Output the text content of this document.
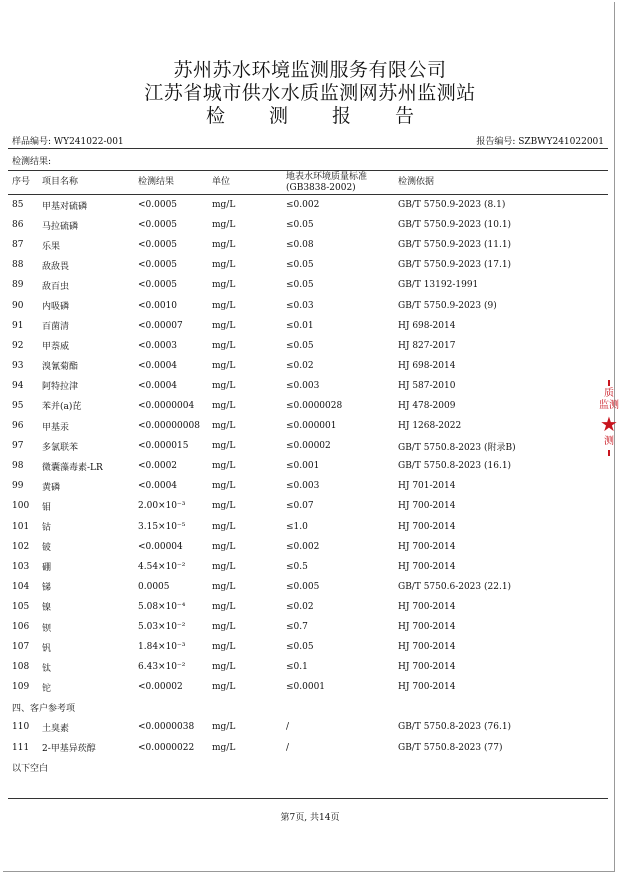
苏州苏水环境监测服务有限公司
江苏省城市供水水质监测网苏州监测站
检 测 报 告
样品编号: WY241022-001	报告编号: SZBWY241022001
检测结果:
序号	项目名称	检测结果	单位	地表水环境质量标准(GB3838-2002)	检测依据
85	甲基对硫磷	<0.0005	mg/L	≤0.002	GB/T 5750.9-2023 (8.1)
86	马拉硫磷	<0.0005	mg/L	≤0.05	GB/T 5750.9-2023 (10.1)
87	乐果	<0.0005	mg/L	≤0.08	GB/T 5750.9-2023 (11.1)
88	敌敌畏	<0.0005	mg/L	≤0.05	GB/T 5750.9-2023 (17.1)
89	敌百虫	<0.0005	mg/L	≤0.05	GB/T 13192-1991
90	内吸磷	<0.0010	mg/L	≤0.03	GB/T 5750.9-2023 (9)
91	百菌清	<0.00007	mg/L	≤0.01	HJ 698-2014
92	甲萘威	<0.0003	mg/L	≤0.05	HJ 827-2017
93	溴氰菊酯	<0.0004	mg/L	≤0.02	HJ 698-2014
94	阿特拉津	<0.0004	mg/L	≤0.003	HJ 587-2010
95	苯并(a)芘	<0.0000004	mg/L	≤0.0000028	HJ 478-2009
96	甲基汞	<0.00000008	mg/L	≤0.000001	HJ 1268-2022
97	多氯联苯	<0.000015	mg/L	≤0.00002	GB/T 5750.8-2023 (附录B)
98	微囊藻毒素-LR	<0.0002	mg/L	≤0.001	GB/T 5750.8-2023 (16.1)
99	黄磷	<0.0004	mg/L	≤0.003	HJ 701-2014
100	钼	2.00×10⁻³	mg/L	≤0.07	HJ 700-2014
101	钴	3.15×10⁻⁵	mg/L	≤1.0	HJ 700-2014
102	铍	<0.00004	mg/L	≤0.002	HJ 700-2014
103	硼	4.54×10⁻²	mg/L	≤0.5	HJ 700-2014
104	锑	0.0005	mg/L	≤0.005	GB/T 5750.6-2023 (22.1)
105	镍	5.08×10⁻⁴	mg/L	≤0.02	HJ 700-2014
106	钡	5.03×10⁻²	mg/L	≤0.7	HJ 700-2014
107	钒	1.84×10⁻³	mg/L	≤0.05	HJ 700-2014
108	钛	6.43×10⁻²	mg/L	≤0.1	HJ 700-2014
109	铊	<0.00002	mg/L	≤0.0001	HJ 700-2014
四、客户参考项					
110	土臭素	<0.0000038	mg/L	/	GB/T 5750.8-2023 (76.1)
111	2-甲基异莰醇	<0.0000022	mg/L	/	GB/T 5750.8-2023 (77)
以下空白					
第7页, 共14页
质
监测
★
测
